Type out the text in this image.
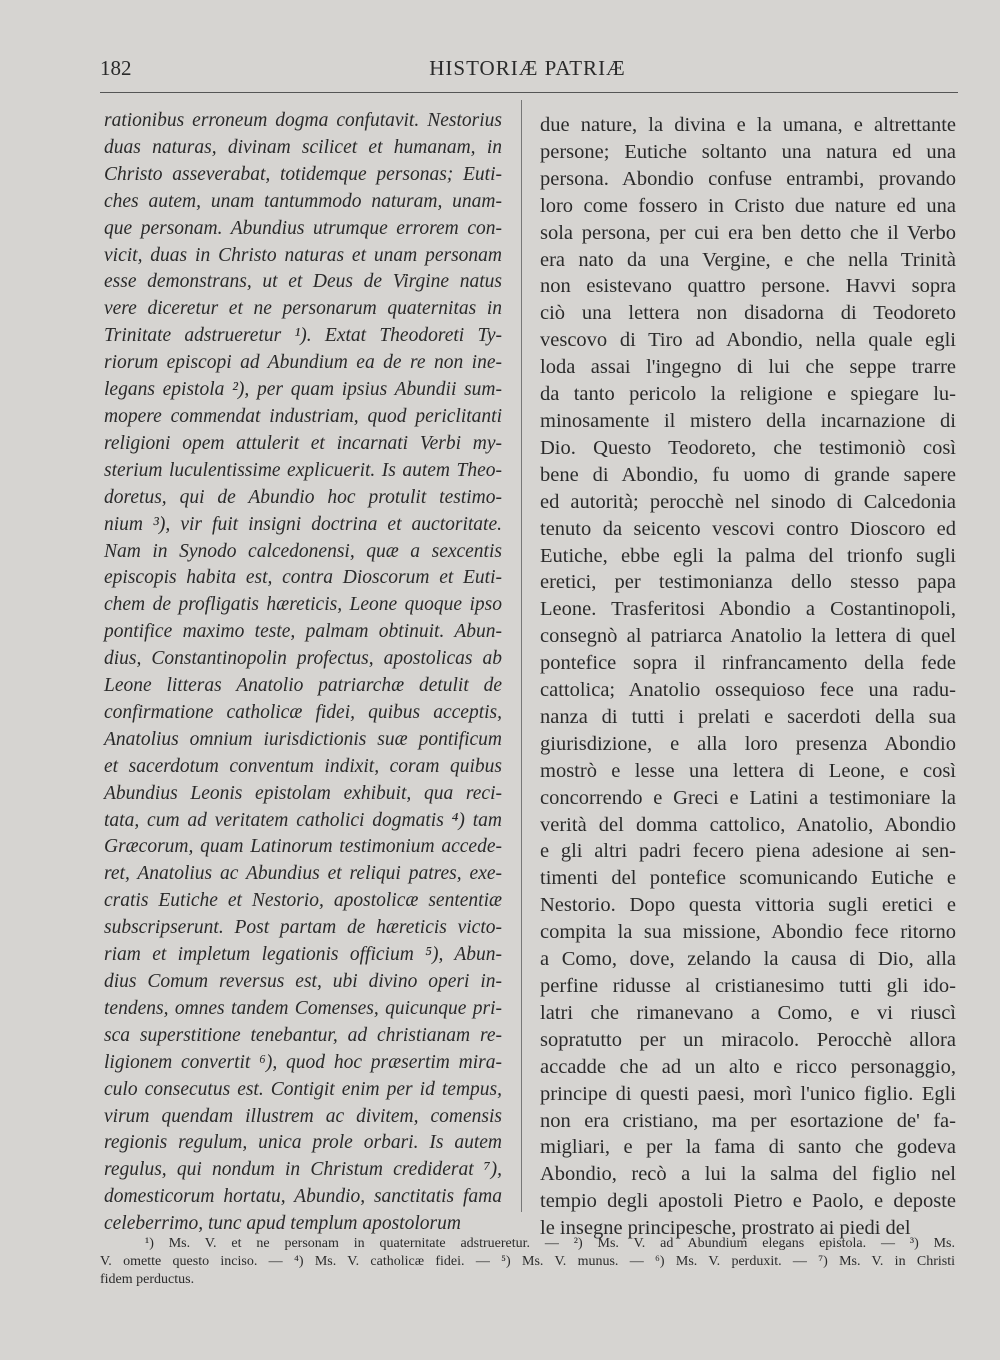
182	HISTORIÆ PATRIÆ
rationibus erroneum dogma confutavit. Nestorius
duas naturas, divinam scilicet et humanam, in
Christo asseverabat, totidemque personas; Euti-
ches autem, unam tantummodo naturam, unam-
que personam. Abundius utrumque errorem con-
vicit, duas in Christo naturas et unam personam
esse demonstrans, ut et Deus de Virgine natus
vere diceretur et ne personarum quaternitas in
Trinitate adstrueretur ¹). Extat Theodoreti Ty-
riorum episcopi ad Abundium ea de re non ine-
legans epistola ²), per quam ipsius Abundii sum-
mopere commendat industriam, quod periclitanti
religioni opem attulerit et incarnati Verbi my-
sterium luculentissime explicuerit. Is autem Theo-
doretus, qui de Abundio hoc protulit testimo-
nium ³), vir fuit insigni doctrina et auctoritate.
Nam in Synodo calcedonensi, quæ a sexcentis
episcopis habita est, contra Dioscorum et Euti-
chem de profligatis hæreticis, Leone quoque ipso
pontifice maximo teste, palmam obtinuit. Abun-
dius, Constantinopolin profectus, apostolicas ab
Leone litteras Anatolio patriarchæ detulit de
confirmatione catholicæ fidei, quibus acceptis,
Anatolius omnium iurisdictionis suæ pontificum
et sacerdotum conventum indixit, coram quibus
Abundius Leonis epistolam exhibuit, qua reci-
tata, cum ad veritatem catholici dogmatis ⁴) tam
Græcorum, quam Latinorum testimonium accede-
ret, Anatolius ac Abundius et reliqui patres, exe-
cratis Eutiche et Nestorio, apostolicæ sententiæ
subscripserunt. Post partam de hæreticis victo-
riam et impletum legationis officium ⁵), Abun-
dius Comum reversus est, ubi divino operi in-
tendens, omnes tandem Comenses, quicunque pri-
sca superstitione tenebantur, ad christianam re-
ligionem convertit ⁶), quod hoc præsertim mira-
culo consecutus est. Contigit enim per id tempus,
virum quendam illustrem ac divitem, comensis
regionis regulum, unica prole orbari. Is autem
regulus, qui nondum in Christum crediderat ⁷),
domesticorum hortatu, Abundio, sanctitatis fama
celeberrimo, tunc apud templum apostolorum
due nature, la divina e la umana, e altrettante
persone; Eutiche soltanto una natura ed una
persona. Abondio confuse entrambi, provando
loro come fossero in Cristo due nature ed una
sola persona, per cui era ben detto che il Verbo
era nato da una Vergine, e che nella Trinità
non esistevano quattro persone. Havvi sopra
ciò una lettera non disadorna di Teodoreto
vescovo di Tiro ad Abondio, nella quale egli
loda assai l'ingegno di lui che seppe trarre
da tanto pericolo la religione e spiegare lu-
minosamente il mistero della incarnazione di
Dio. Questo Teodoreto, che testimoniò così
bene di Abondio, fu uomo di grande sapere
ed autorità; perocchè nel sinodo di Calcedonia
tenuto da seicento vescovi contro Dioscoro ed
Eutiche, ebbe egli la palma del trionfo sugli
eretici, per testimonianza dello stesso papa
Leone. Trasferitosi Abondio a Costantinopoli,
consegnò al patriarca Anatolio la lettera di quel
pontefice sopra il rinfrancamento della fede
cattolica; Anatolio ossequioso fece una radu-
nanza di tutti i prelati e sacerdoti della sua
giurisdizione, e alla loro presenza Abondio
mostrò e lesse una lettera di Leone, e così
concorrendo e Greci e Latini a testimoniare la
verità del domma cattolico, Anatolio, Abondio
e gli altri padri fecero piena adesione ai sen-
timenti del pontefice scomunicando Eutiche e
Nestorio. Dopo questa vittoria sugli eretici e
compita la sua missione, Abondio fece ritorno
a Como, dove, zelando la causa di Dio, alla
perfine ridusse al cristianesimo tutti gli ido-
latri che rimanevano a Como, e vi riuscì
sopratutto per un miracolo. Perocchè allora
accadde che ad un alto e ricco personaggio,
principe di questi paesi, morì l'unico figlio. Egli
non era cristiano, ma per esortazione de' fa-
migliari, e per la fama di santo che godeva
Abondio, recò a lui la salma del figlio nel
tempio degli apostoli Pietro e Paolo, e deposte
le insegne principesche, prostrato ai piedi del
¹) Ms. V. et ne personam in quaternitate adstrueretur. — ²) Ms. V. ad Abundium elegans epistola. — ³) Ms.
V. omette questo inciso. — ⁴) Ms. V. catholicæ fidei. — ⁵) Ms. V. munus. — ⁶) Ms. V. perduxit. — ⁷) Ms. V. in Christi
fidem perductus.
